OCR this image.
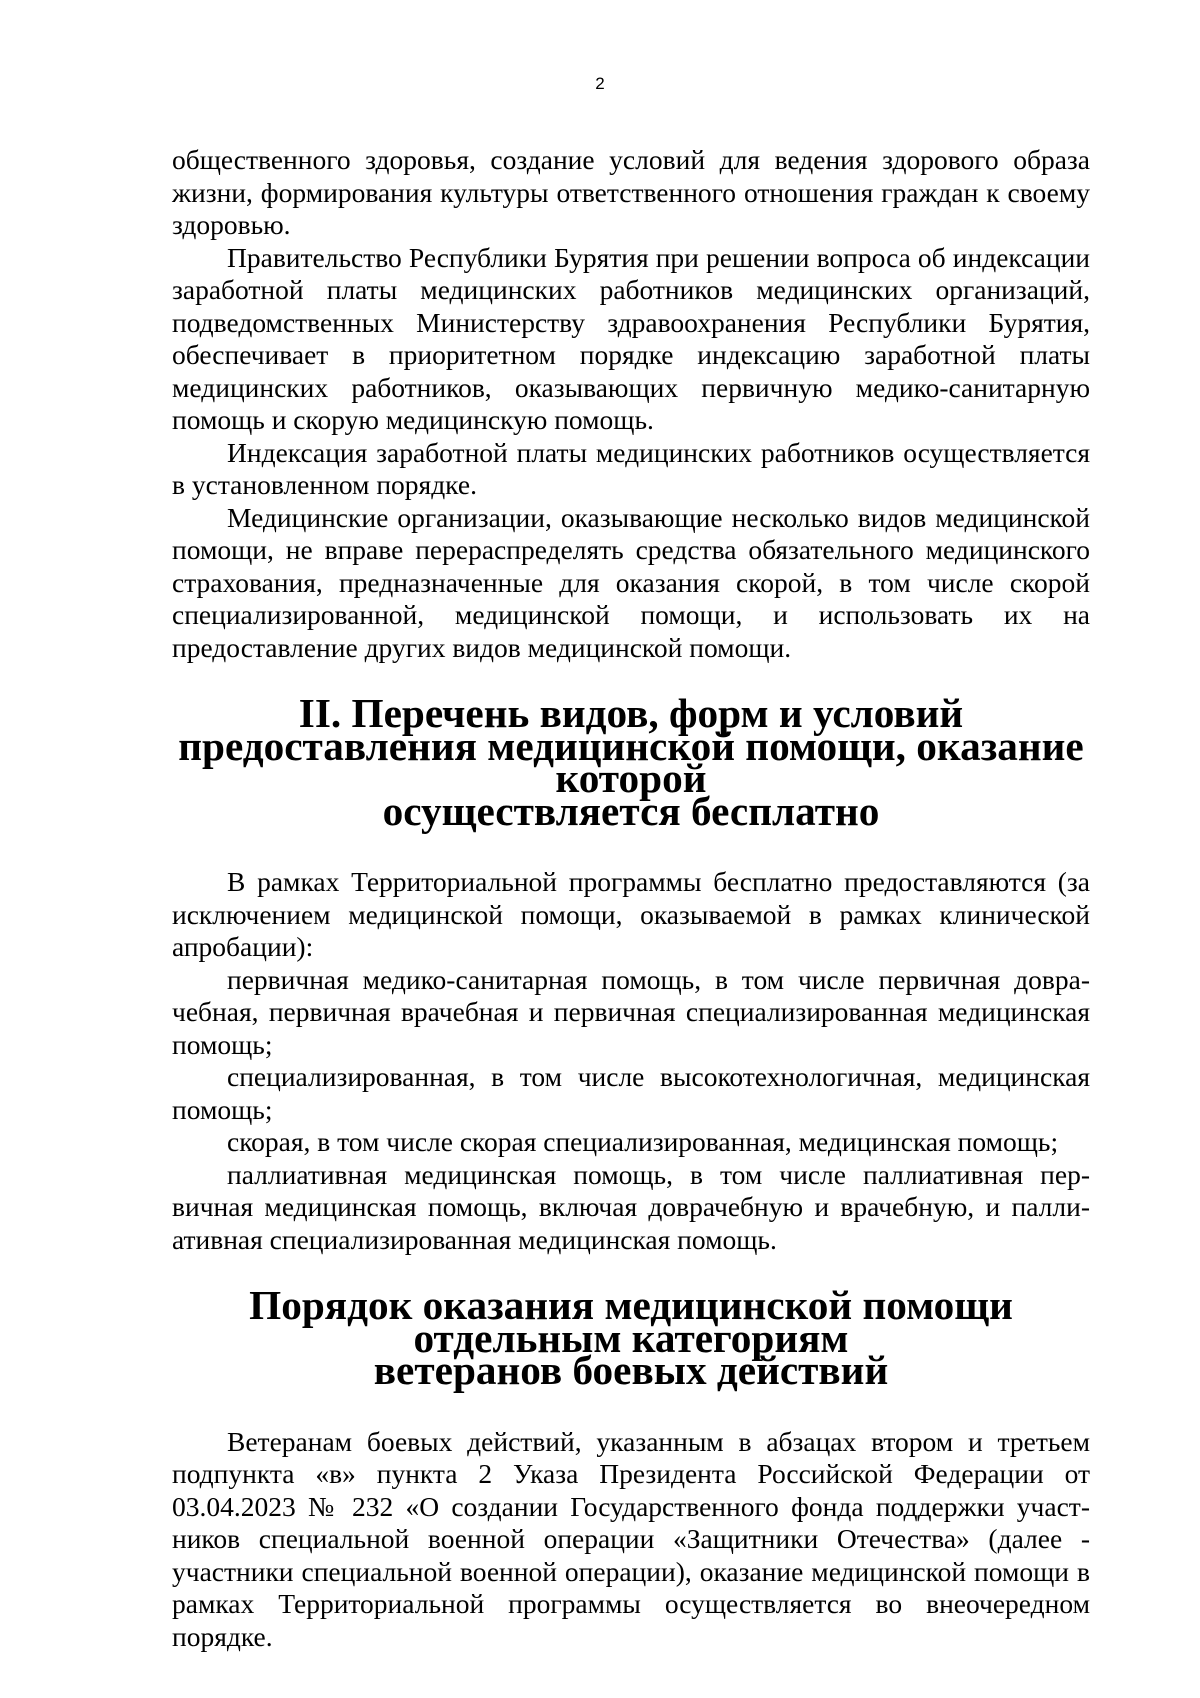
2

общественного здоровья, создание условий для ведения здорового образа жизни, формирования культуры ответственного отношения граждан к своему здоровью.

Правительство Республики Бурятия при решении вопроса об индексации заработной платы медицинских работников медицинских организаций, подведомственных Министерству здравоохранения Республики Бурятия, обеспечивает в приоритетном порядке индексацию заработной платы медицинских работников, оказывающих первичную медико-санитарную помощь и скорую медицинскую помощь.

Индексация заработной платы медицинских работников осуществляется в установленном порядке.

Медицинские организации, оказывающие несколько видов медицинской помощи, не вправе перераспределять средства обязательного медицинского страхования, предназначенные для оказания скорой, в том числе скорой специализированной, медицинской помощи, и использовать их на предоставление других видов медицинской помощи.

II. Перечень видов, форм и условий
предоставления медицинской помощи, оказание которой
осуществляется бесплатно

В рамках Территориальной программы бесплатно предоставляются (за исключением медицинской помощи, оказываемой в рамках клинической апробации):

первичная медико-санитарная помощь, в том числе первичная доврачебная, первичная врачебная и первичная специализированная медицинская помощь;

специализированная, в том числе высокотехнологичная, медицинская помощь;

скорая, в том числе скорая специализированная, медицинская помощь;

паллиативная медицинская помощь, в том числе паллиативная первичная медицинская помощь, включая доврачебную и врачебную, и паллиативная специализированная медицинская помощь.

Порядок оказания медицинской помощи отдельным категориям
ветеранов боевых действий

Ветеранам боевых действий, указанным в абзацах втором и третьем подпункта «в» пункта 2 Указа Президента Российской Федерации от 03.04.2023 № 232 «О создании Государственного фонда поддержки участников специальной военной операции «Защитники Отечества» (далее - участники специальной военной операции), оказание медицинской помощи в рамках Территориальной программы осуществляется во внеочередном порядке.
